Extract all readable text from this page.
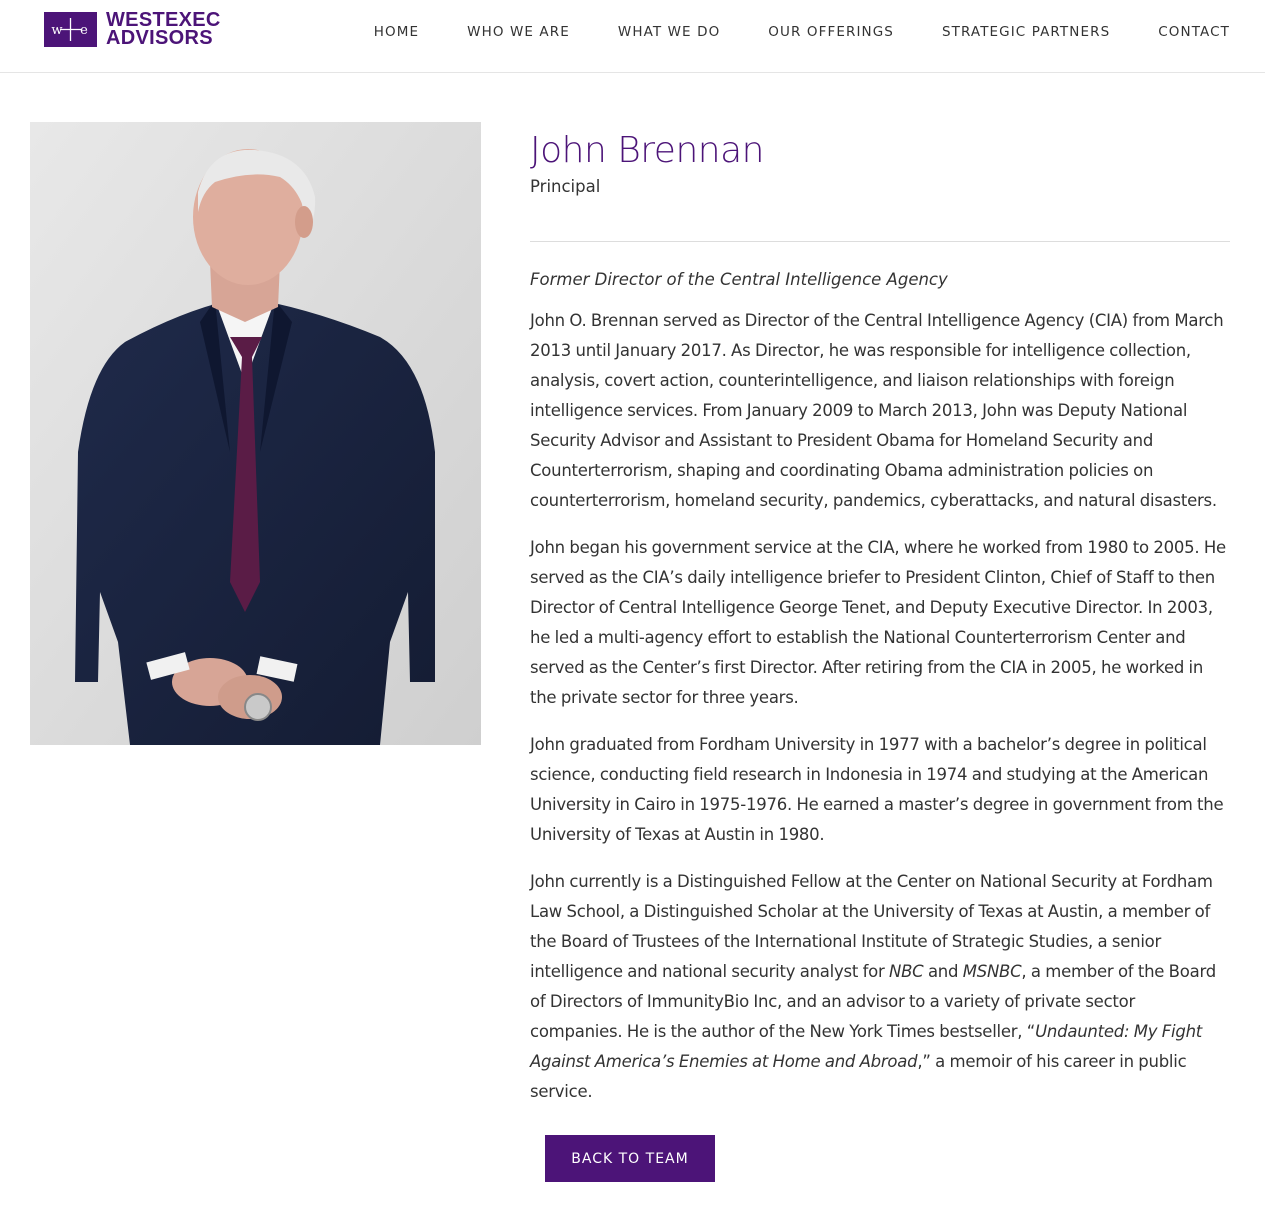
w e WESTEXEC
ADVISORS	HOME	WHO WE ARE	WHAT WE DO	OUR OFFERINGS	STRATEGIC PARTNERS	CONTACT
John Brennan
Principal
Former Director of the Central Intelligence Agency

John O. Brennan served as Director of the Central Intelligence Agency (CIA) from March 2013 until January 2017. As Director, he was responsible for intelligence collection, analysis, covert action, counterintelligence, and liaison relationships with foreign intelligence services. From January 2009 to March 2013, John was Deputy National Security Advisor and Assistant to President Obama for Homeland Security and Counterterrorism, shaping and coordinating Obama administration policies on counterterrorism, homeland security, pandemics, cyberattacks, and natural disasters.

John began his government service at the CIA, where he worked from 1980 to 2005. He served as the CIA’s daily intelligence briefer to President Clinton, Chief of Staff to then Director of Central Intelligence George Tenet, and Deputy Executive Director. In 2003, he led a multi-agency effort to establish the National Counterterrorism Center and served as the Center’s first Director. After retiring from the CIA in 2005, he worked in the private sector for three years.

John graduated from Fordham University in 1977 with a bachelor’s degree in political science, conducting field research in Indonesia in 1974 and studying at the American University in Cairo in 1975-1976. He earned a master’s degree in government from the University of Texas at Austin in 1980.

John currently is a Distinguished Fellow at the Center on National Security at Fordham Law School, a Distinguished Scholar at the University of Texas at Austin, a member of the Board of Trustees of the International Institute of Strategic Studies, a senior intelligence and national security analyst for NBC and MSNBC, a member of the Board of Directors of ImmunityBio Inc, and an advisor to a variety of private sector companies. He is the author of the New York Times bestseller, “Undaunted: My Fight Against America’s Enemies at Home and Abroad,” a memoir of his career in public service.

BACK TO TEAM
